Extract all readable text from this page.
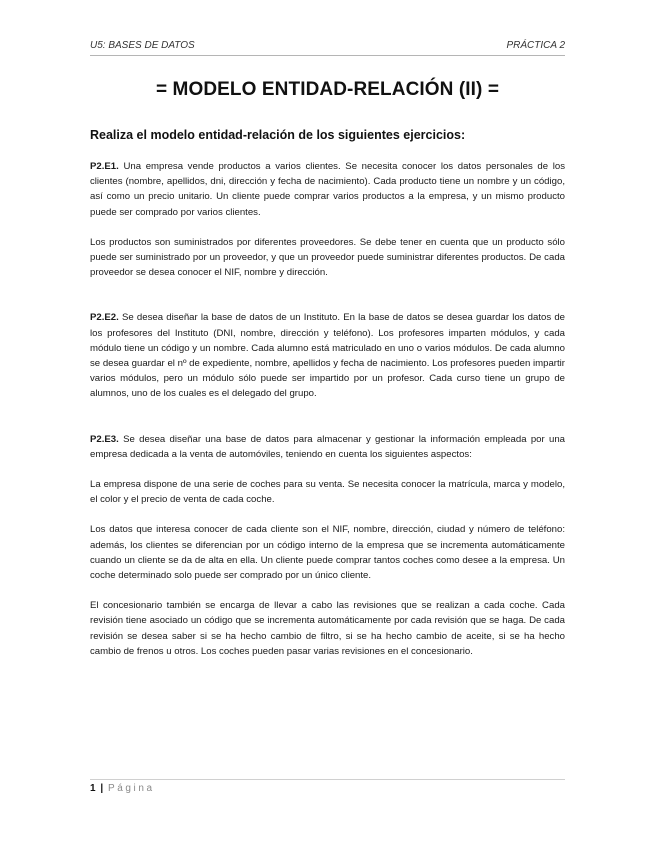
U5: BASES DE DATOS	PRÁCTICA 2
= MODELO ENTIDAD-RELACIÓN (II) =
Realiza el modelo entidad-relación de los siguientes ejercicios:

P2.E1. Una empresa vende productos a varios clientes. Se necesita conocer los datos personales de los clientes (nombre, apellidos, dni, dirección y fecha de nacimiento). Cada producto tiene un nombre y un código, así como un precio unitario. Un cliente puede comprar varios productos a la empresa, y un mismo producto puede ser comprado por varios clientes.

Los productos son suministrados por diferentes proveedores. Se debe tener en cuenta que un producto sólo puede ser suministrado por un proveedor, y que un proveedor puede suministrar diferentes productos. De cada proveedor se desea conocer el NIF, nombre y dirección.

P2.E2. Se desea diseñar la base de datos de un Instituto. En la base de datos se desea guardar los datos de los profesores del Instituto (DNI, nombre, dirección y teléfono). Los profesores imparten módulos, y cada módulo tiene un código y un nombre. Cada alumno está matriculado en uno o varios módulos. De cada alumno se desea guardar el nº de expediente, nombre, apellidos y fecha de nacimiento. Los profesores pueden impartir varios módulos, pero un módulo sólo puede ser impartido por un profesor. Cada curso tiene un grupo de alumnos, uno de los cuales es el delegado del grupo.

P2.E3. Se desea diseñar una base de datos para almacenar y gestionar la información empleada por una empresa dedicada a la venta de automóviles, teniendo en cuenta los siguientes aspectos:

La empresa dispone de una serie de coches para su venta. Se necesita conocer la matrícula, marca y modelo, el color y el precio de venta de cada coche.

Los datos que interesa conocer de cada cliente son el NIF, nombre, dirección, ciudad y número de teléfono: además, los clientes se diferencian por un código interno de la empresa que se incrementa automáticamente cuando un cliente se da de alta en ella. Un cliente puede comprar tantos coches como desee a la empresa. Un coche determinado solo puede ser comprado por un único cliente.

El concesionario también se encarga de llevar a cabo las revisiones que se realizan a cada coche. Cada revisión tiene asociado un código que se incrementa automáticamente por cada revisión que se haga. De cada revisión se desea saber si se ha hecho cambio de filtro, si se ha hecho cambio de aceite, si se ha hecho cambio de frenos u otros. Los coches pueden pasar varias revisiones en el concesionario.

1 | Página
